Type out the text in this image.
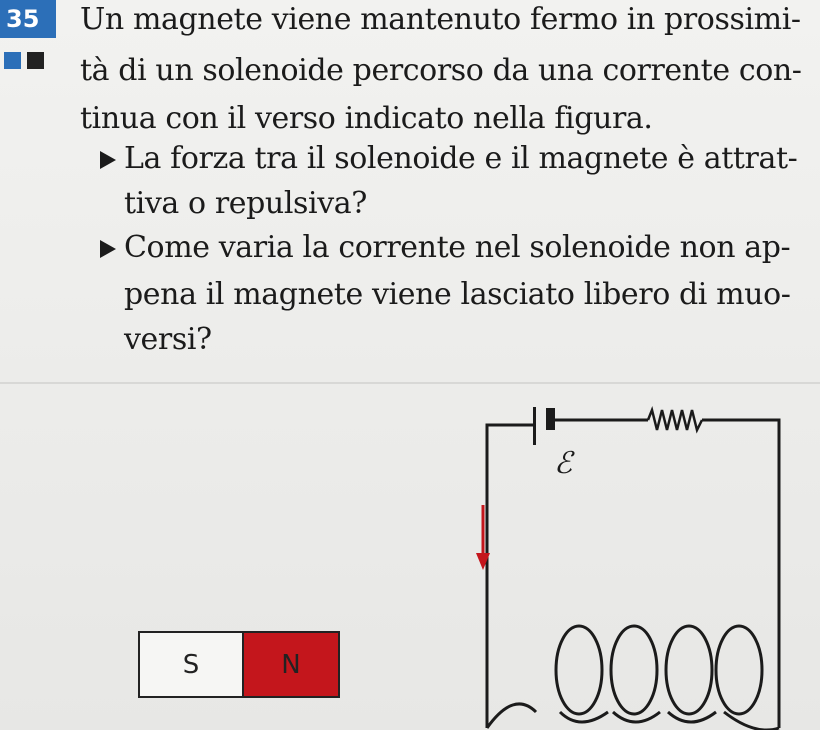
35	Un magnete viene mantenuto fermo in prossimi-
tà di un solenoide percorso da una corrente con-
tinua con il verso indicato nella figura.
La forza tra il solenoide e il magnete è attrat-
tiva o repulsiva?
Come varia la corrente nel solenoide non ap-
pena il magnete viene lasciato libero di muo-
versi?
ℰ
S	N
